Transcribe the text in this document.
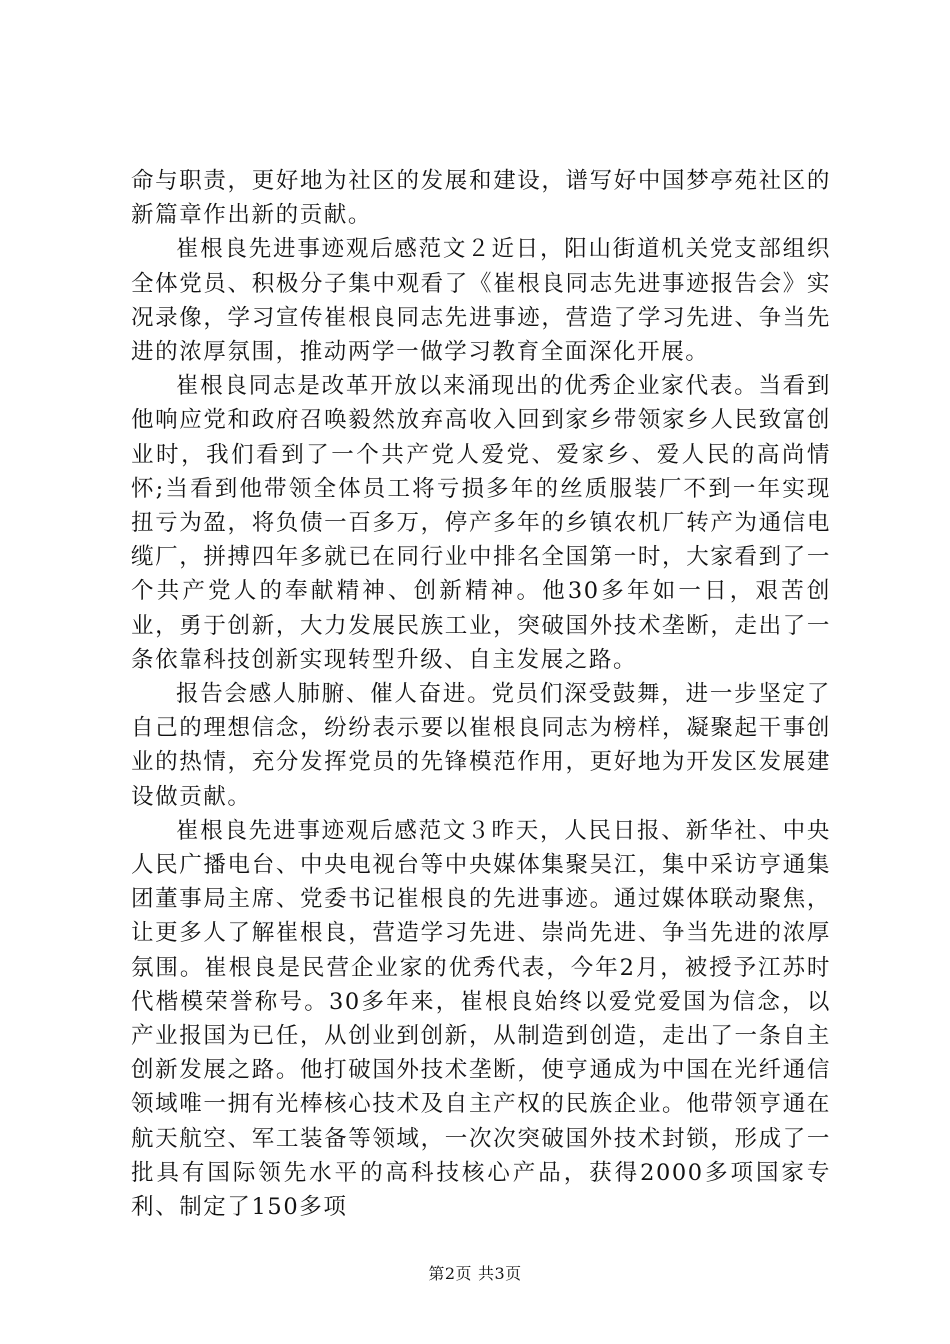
命与职责，更好地为社区的发展和建设，谱写好中国梦亭苑社区的新篇章作出新的贡献。

崔根良先进事迹观后感范文２近日，阳山街道机关党支部组织全体党员、积极分子集中观看了《崔根良同志先进事迹报告会》实况录像，学习宣传崔根良同志先进事迹，营造了学习先进、争当先进的浓厚氛围，推动两学一做学习教育全面深化开展。

崔根良同志是改革开放以来涌现出的优秀企业家代表。当看到他响应党和政府召唤毅然放弃高收入回到家乡带领家乡人民致富创业时，我们看到了一个共产党人爱党、爱家乡、爱人民的高尚情怀;当看到他带领全体员工将亏损多年的丝质服装厂不到一年实现扭亏为盈，将负债一百多万，停产多年的乡镇农机厂转产为通信电缆厂，拼搏四年多就已在同行业中排名全国第一时，大家看到了一个共产党人的奉献精神、创新精神。他30多年如一日，艰苦创业，勇于创新，大力发展民族工业，突破国外技术垄断，走出了一条依靠科技创新实现转型升级、自主发展之路。

报告会感人肺腑、催人奋进。党员们深受鼓舞，进一步坚定了自己的理想信念，纷纷表示要以崔根良同志为榜样，凝聚起干事创业的热情，充分发挥党员的先锋模范作用，更好地为开发区发展建设做贡献。

崔根良先进事迹观后感范文３昨天，人民日报、新华社、中央人民广播电台、中央电视台等中央媒体集聚吴江，集中采访亨通集团董事局主席、党委书记崔根良的先进事迹。通过媒体联动聚焦，让更多人了解崔根良，营造学习先进、崇尚先进、争当先进的浓厚氛围。崔根良是民营企业家的优秀代表，今年2月，被授予江苏时代楷模荣誉称号。30多年来，崔根良始终以爱党爱国为信念，以产业报国为已任，从创业到创新，从制造到创造，走出了一条自主创新发展之路。他打破国外技术垄断，使亨通成为中国在光纤通信领域唯一拥有光棒核心技术及自主产权的民族企业。他带领亨通在航天航空、军工装备等领域，一次次突破国外技术封锁，形成了一批具有国际领先水平的高科技核心产品，获得2000多项国家专利、制定了150多项

第2页 共3页
